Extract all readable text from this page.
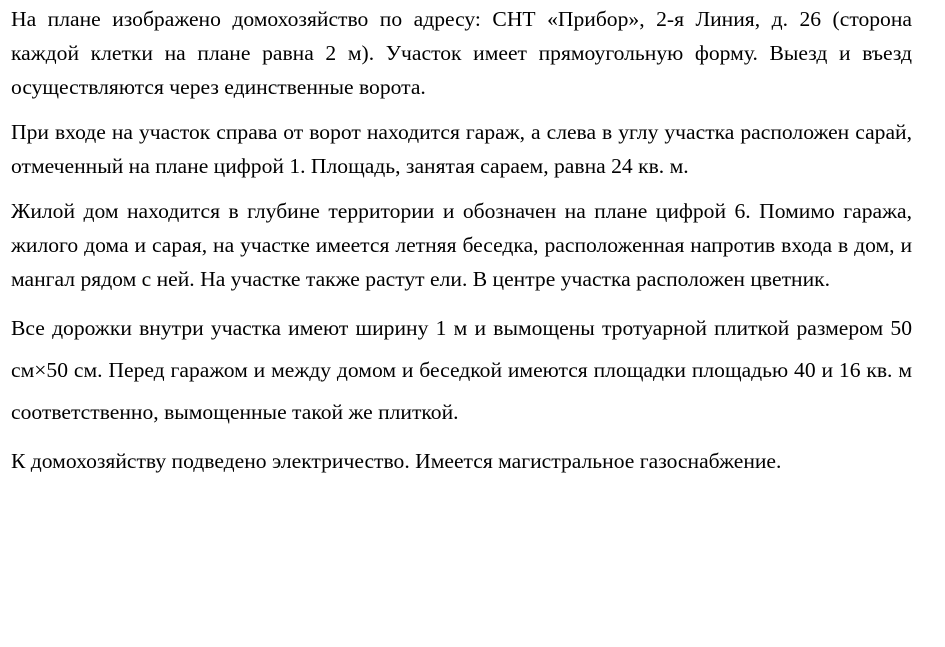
На плане изображено домохозяйство по адресу: СНТ «Прибор», 2-я Линия, д. 26 (сторона каждой клетки на плане равна 2 м). Участок имеет прямоугольную форму. Выезд и въезд осуществляются через единственные ворота.

При входе на участок справа от ворот находится гараж, а слева в углу участка расположен сарай, отмеченный на плане цифрой 1. Площадь, занятая сараем, равна 24 кв. м.

Жилой дом находится в глубине территории и обозначен на плане цифрой 6. Помимо гаража, жилого дома и сарая, на участке имеется летняя беседка, расположенная напротив входа в дом, и мангал рядом с ней. На участке также растут ели. В центре участка расположен цветник.

Все дорожки внутри участка имеют ширину 1 м и вымощены тротуарной плиткой размером 50 см×50 см. Перед гаражом и между домом и беседкой имеются площадки площадью 40 и 16 кв. м соответственно, вымощенные такой же плиткой.

К домохозяйству подведено электричество. Имеется магистральное газоснабжение.
